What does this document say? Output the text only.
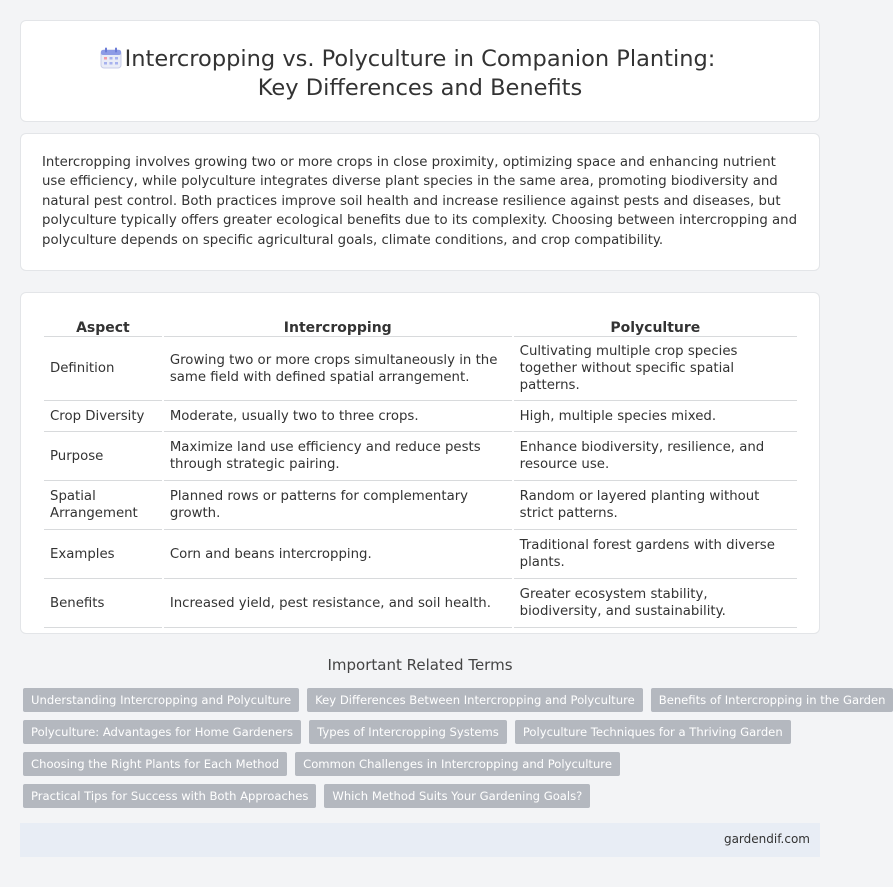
Intercropping vs. Polyculture in Companion Planting: Key Differences and Benefits

Intercropping involves growing two or more crops in close proximity, optimizing space and enhancing nutrient use efficiency, while polyculture integrates diverse plant species in the same area, promoting biodiversity and natural pest control. Both practices improve soil health and increase resilience against pests and diseases, but polyculture typically offers greater ecological benefits due to its complexity. Choosing between intercropping and polyculture depends on specific agricultural goals, climate conditions, and crop compatibility.

Aspect	Intercropping	Polyculture
Definition	Growing two or more crops simultaneously in the same field with defined spatial arrangement.	Cultivating multiple crop species together without specific spatial patterns.
Crop Diversity	Moderate, usually two to three crops.	High, multiple species mixed.
Purpose	Maximize land use efficiency and reduce pests through strategic pairing.	Enhance biodiversity, resilience, and resource use.
Spatial Arrangement	Planned rows or patterns for complementary growth.	Random or layered planting without strict patterns.
Examples	Corn and beans intercropping.	Traditional forest gardens with diverse plants.
Benefits	Increased yield, pest resistance, and soil health.	Greater ecosystem stability, biodiversity, and sustainability.
Important Related Terms
Understanding Intercropping and Polyculture	Key Differences Between Intercropping and Polyculture	Benefits of Intercropping in the Garden
Polyculture: Advantages for Home Gardeners	Types of Intercropping Systems	Polyculture Techniques for a Thriving Garden
Choosing the Right Plants for Each Method	Common Challenges in Intercropping and Polyculture
Practical Tips for Success with Both Approaches	Which Method Suits Your Gardening Goals?
gardendif.com
